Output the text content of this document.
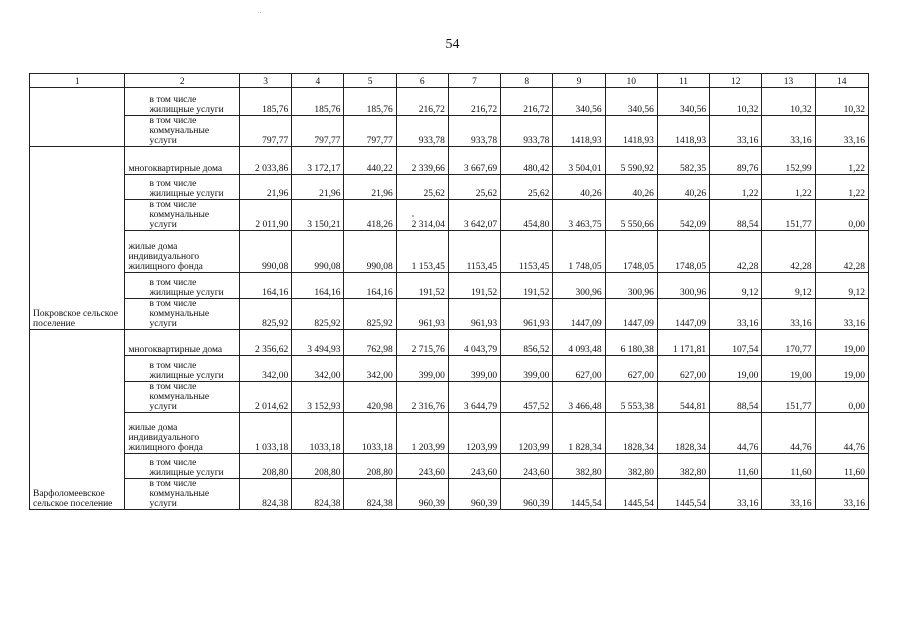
54
1	2	3	4	5	6	7	8	9	10	11	12	13	14
	в том числе жилищные услуги	185,76	185,76	185,76	216,72	216,72	216,72	340,56	340,56	340,56	10,32	10,32	10,32
	в том числе коммунальные услуги	797,77	797,77	797,77	933,78	933,78	933,78	1418,93	1418,93	1418,93	33,16	33,16	33,16
Покровское сельское поселение	многоквартирные дома	2 033,86	3 172,17	440,22	2 339,66	3 667,69	480,42	3 504,01	5 590,92	582,35	89,76	152,99	1,22
	в том числе жилищные услуги	21,96	21,96	21,96	25,62	25,62	25,62	40,26	40,26	40,26	1,22	1,22	1,22
	в том числе коммунальные услуги	2 011,90	3 150,21	418,26	2 314,04	3 642,07	454,80	3 463,75	5 550,66	542,09	88,54	151,77	0,00
	жилые дома индивидуального жилищного фонда	990,08	990,08	990,08	1 153,45	1153,45	1153,45	1 748,05	1748,05	1748,05	42,28	42,28	42,28
	в том числе жилищные услуги	164,16	164,16	164,16	191,52	191,52	191,52	300,96	300,96	300,96	9,12	9,12	9,12
	в том числе коммунальные услуги	825,92	825,92	825,92	961,93	961,93	961,93	1447,09	1447,09	1447,09	33,16	33,16	33,16
Варфоломеевское сельское поселение	многоквартирные дома	2 356,62	3 494,93	762,98	2 715,76	4 043,79	856,52	4 093,48	6 180,38	1 171,81	107,54	170,77	19,00
	в том числе жилищные услуги	342,00	342,00	342,00	399,00	399,00	399,00	627,00	627,00	627,00	19,00	19,00	19,00
	в том числе коммунальные услуги	2 014,62	3 152,93	420,98	2 316,76	3 644,79	457,52	3 466,48	5 553,38	544,81	88,54	151,77	0,00
	жилые дома индивидуального жилищного фонда	1 033,18	1033,18	1033,18	1 203,99	1203,99	1203,99	1 828,34	1828,34	1828,34	44,76	44,76	44,76
	в том числе жилищные услуги	208,80	208,80	208,80	243,60	243,60	243,60	382,80	382,80	382,80	11,60	11,60	11,60
	в том числе коммунальные услуги	824,38	824,38	824,38	960,39	960,39	960,39	1445,54	1445,54	1445,54	33,16	33,16	33,16
